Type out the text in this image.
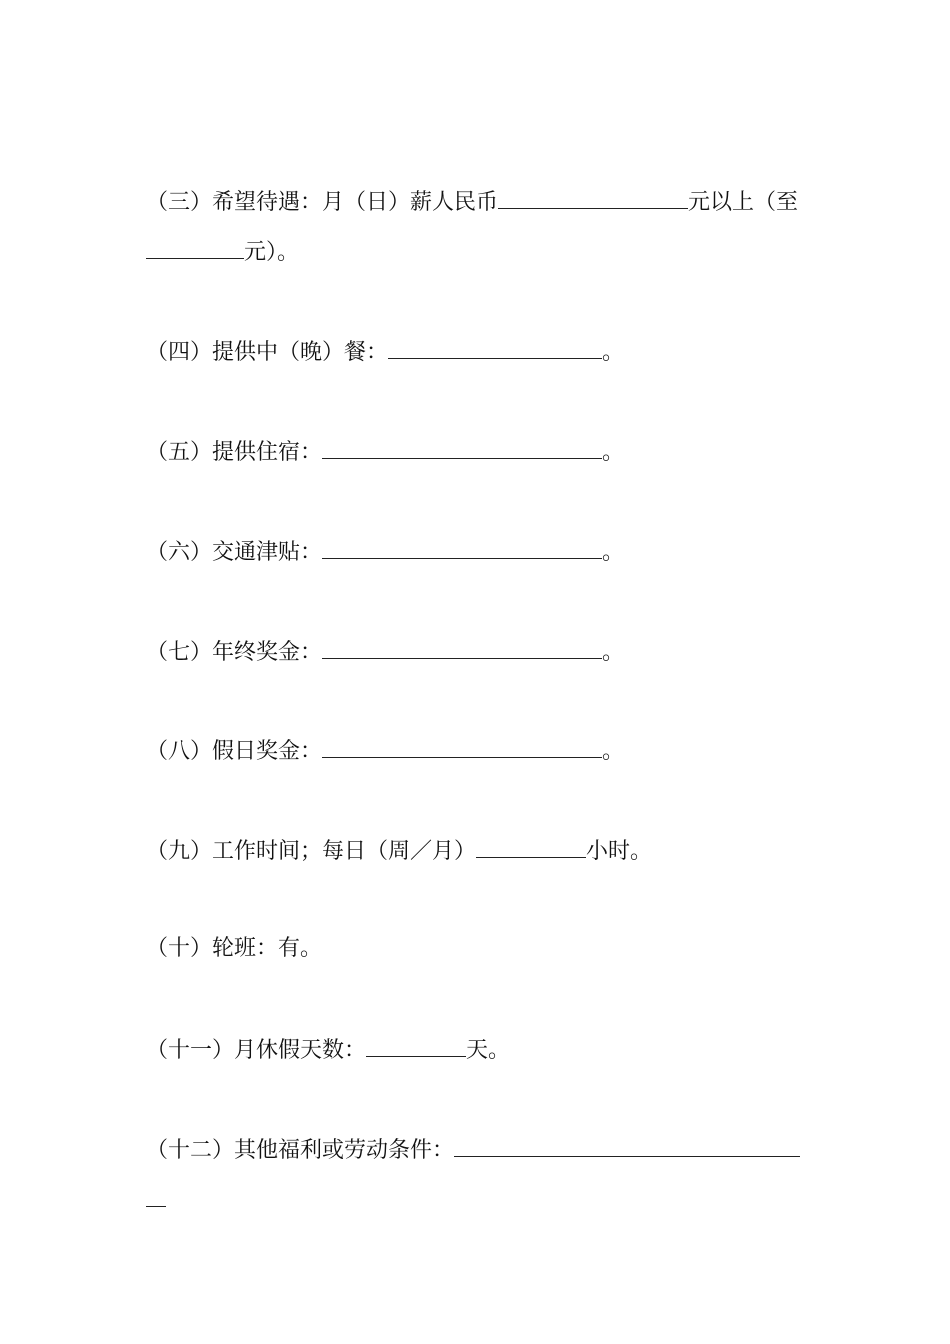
（三）希望待遇：月（日）薪人民币	元以上（至
元）。
（四）提供中（晚）餐：	。
（五）提供住宿：	。
（六）交通津贴：	。
（七）年终奖金：	。
（八）假日奖金：	。
（九）工作时间；每日（周／月）	小时。
（十）轮班：有。
（十一）月休假天数：	天。
（十二）其他福利或劳动条件：
